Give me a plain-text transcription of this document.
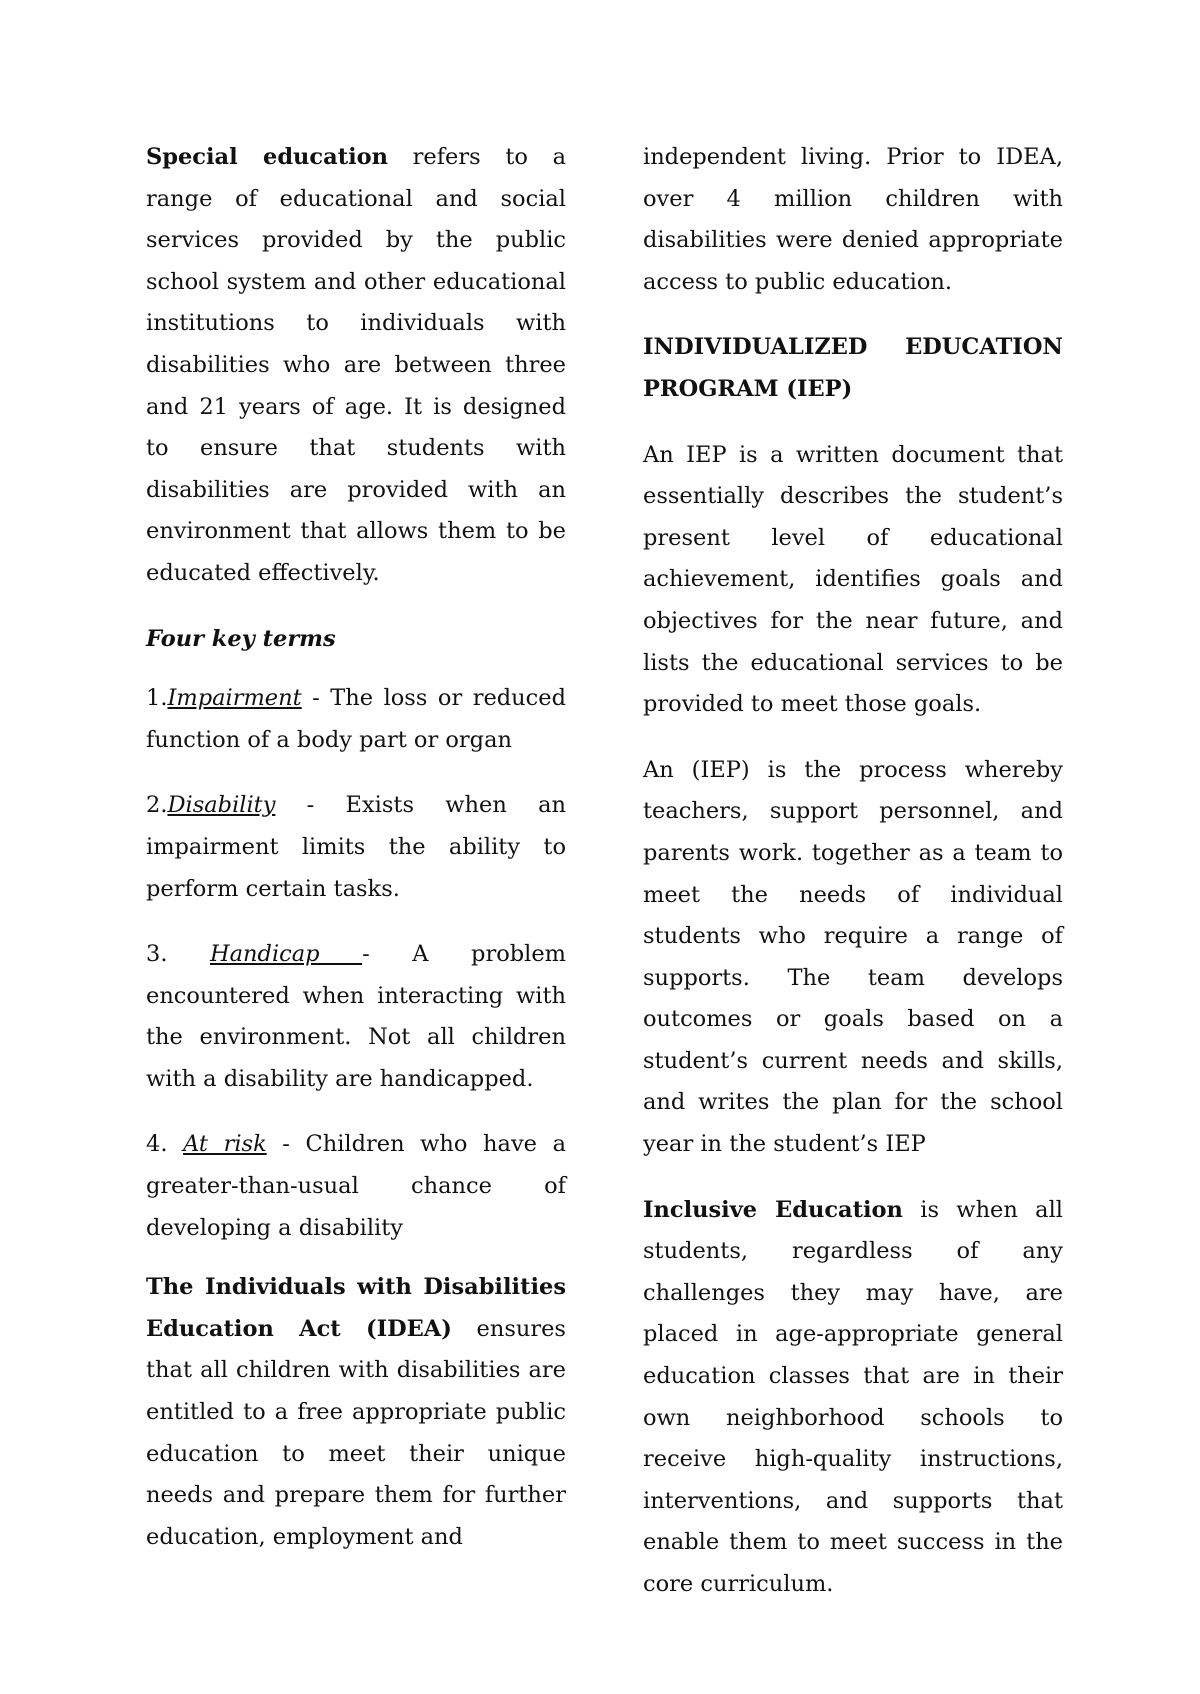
Special education refers to a range of educational and social services provided by the public school system and other educational institutions to individuals with disabilities who are between three and 21 years of age. It is designed to ensure that students with disabilities are provided with an environment that allows them to be educated effectively.

Four key terms

1.Impairment - The loss or reduced function of a body part or organ

2.Disability - Exists when an impairment limits the ability to perform certain tasks.

3. Handicap - A problem encountered when interacting with the environment. Not all children with a disability are handicapped.

4. At risk - Children who have a greater-than-usual chance of developing a disability

The Individuals with Disabilities Education Act (IDEA) ensures that all children with disabilities are entitled to a free appropriate public education to meet their unique needs and prepare them for further education, employment and

independent living. Prior to IDEA, over 4 million children with disabilities were denied appropriate access to public education.

INDIVIDUALIZED EDUCATION PROGRAM (IEP)

An IEP is a written document that essentially describes the student’s present level of educational achievement, identifies goals and objectives for the near future, and lists the educational services to be provided to meet those goals.

An (IEP) is the process whereby teachers, support personnel, and parents work. together as a team to meet the needs of individual students who require a range of supports. The team develops outcomes or goals based on a student’s current needs and skills, and writes the plan for the school year in the student’s IEP

Inclusive Education is when all students, regardless of any challenges they may have, are placed in age-appropriate general education classes that are in their own neighborhood schools to receive high-quality instructions, interventions, and supports that enable them to meet success in the core curriculum.
